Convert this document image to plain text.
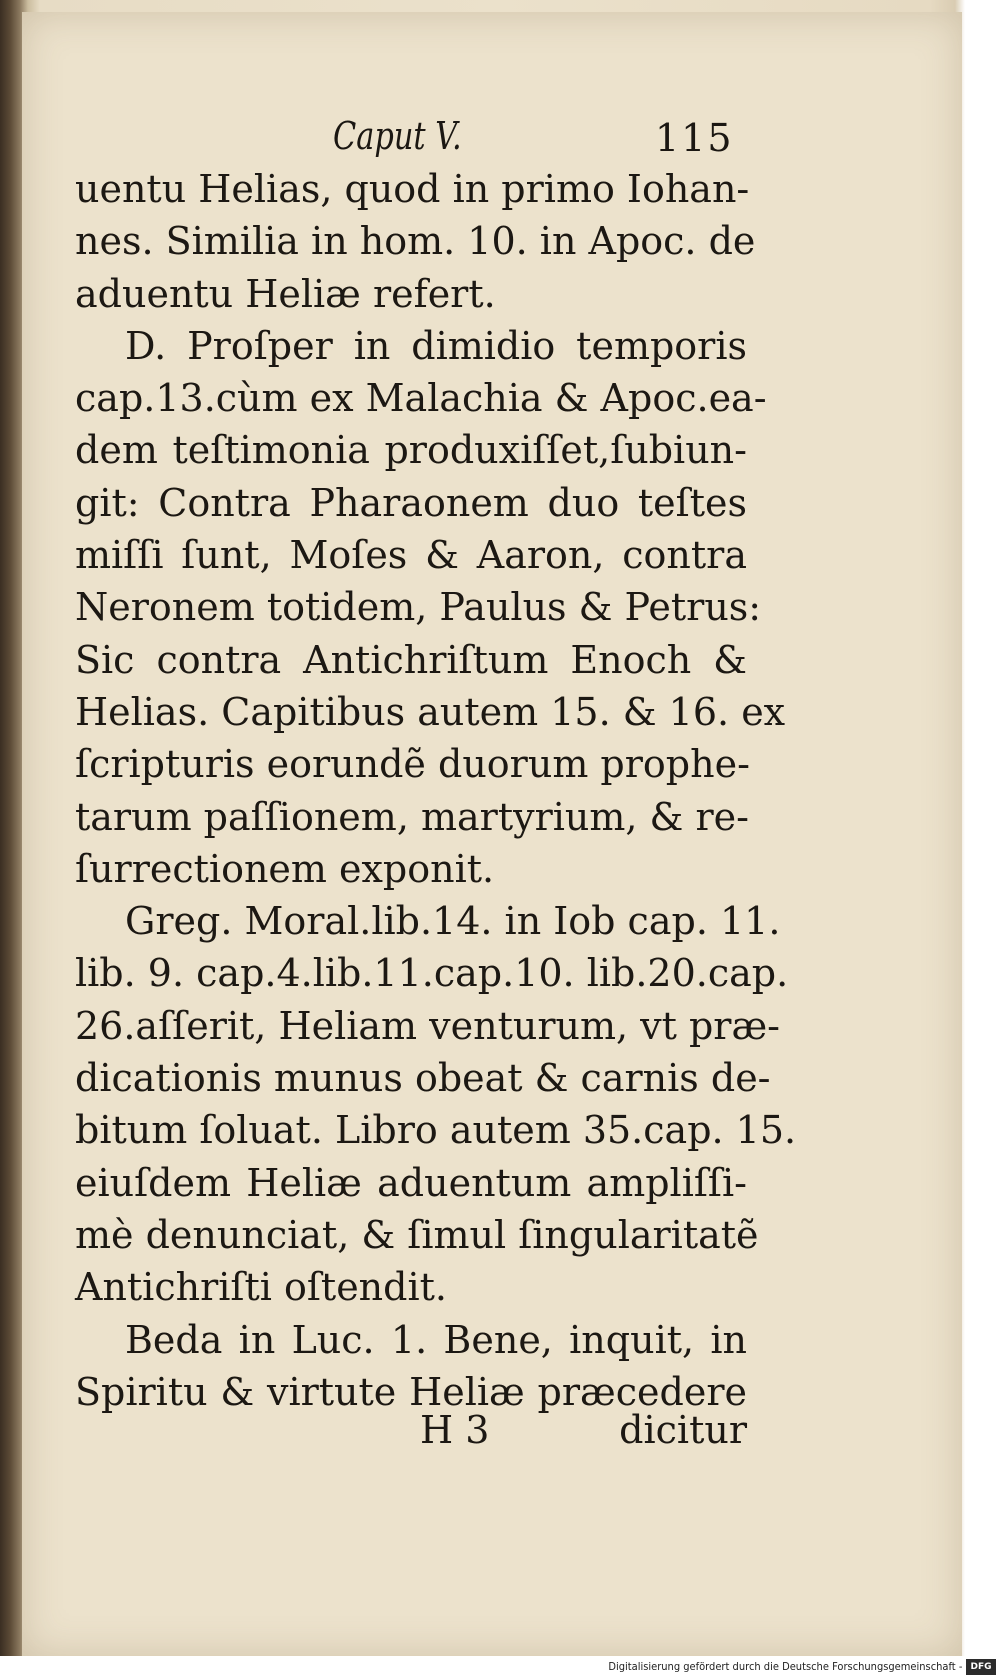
Caput V.	115
uentu Helias, quod in primo Iohan-
nes. Similia in hom. 10. in Apoc. de
aduentu Heliæ refert.
D. Proſper in dimidio temporis
cap.13.cùm ex Malachia & Apoc.ea-
dem teſtimonia produxiſſet,ſubiun-
git: Contra Pharaonem duo teſtes
miſſi ſunt, Moſes & Aaron, contra
Neronem totidem, Paulus & Petrus:
Sic contra Antichriſtum Enoch &
Helias. Capitibus autem 15. & 16. ex
ſcripturis eorundẽ duorum prophe-
tarum paſſionem, martyrium, & re-
ſurrectionem exponit.
Greg. Moral.lib.14. in Iob cap. 11.
lib. 9. cap.4.lib.11.cap.10. lib.20.cap.
26.aſſerit, Heliam venturum, vt præ-
dicationis munus obeat & carnis de-
bitum ſoluat. Libro autem 35.cap. 15.
eiuſdem Heliæ aduentum ampliſſi-
mè denunciat, & ſimul ſingularitatẽ
Antichriſti oſtendit.
Beda in Luc. 1. Bene, inquit, in
Spiritu & virtute Heliæ præcedere
H 3	dicitur
Digitalisierung gefördert durch die Deutsche Forschungsgemeinschaft - DFG
